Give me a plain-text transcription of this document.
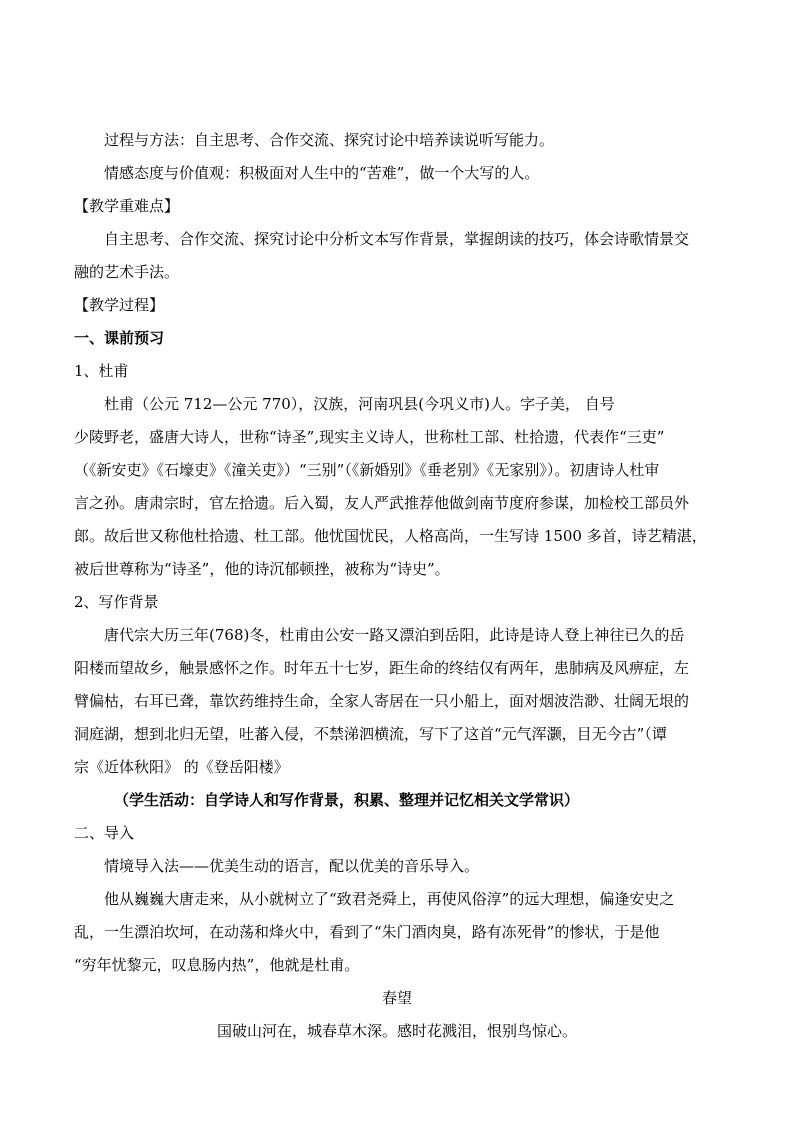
过程与方法：自主思考、合作交流、探究讨论中培养读说听写能力。
情感态度与价值观：积极面对人生中的“苦难”，做一个大写的人。
【教学重难点】
自主思考、合作交流、探究讨论中分析文本写作背景，掌握朗读的技巧，体会诗歌情景交
融的艺术手法。
【教学过程】
一、课前预习
1、杜甫
杜甫（公元 712—公元 770），汉族，河南巩县(今巩义市)人。字子美， 自号
少陵野老，盛唐大诗人，世称“诗圣”,现实主义诗人，世称杜工部、杜拾遗，代表作“三吏”
（《新安吏》《石壕吏》《潼关吏》）“三别”（《新婚别》《垂老别》《无家别》）。初唐诗人杜审
言之孙。唐肃宗时，官左拾遗。后入蜀，友人严武推荐他做剑南节度府参谋，加检校工部员外
郎。故后世又称他杜拾遗、杜工部。他忧国忧民，人格高尚，一生写诗 1500 多首，诗艺精湛，
被后世尊称为“诗圣”，他的诗沉郁顿挫，被称为“诗史”。
2、写作背景
唐代宗大历三年(768)冬，杜甫由公安一路又漂泊到岳阳，此诗是诗人登上神往已久的岳
阳楼而望故乡，触景感怀之作。时年五十七岁，距生命的终结仅有两年，患肺病及风痹症，左
臂偏枯，右耳已聋，靠饮药维持生命，全家人寄居在一只小船上，面对烟波浩渺、壮阔无垠的
洞庭湖，想到北归无望，吐蕃入侵，不禁涕泗横流，写下了这首“元气浑灏，目无今古”（谭
宗《近体秋阳》 的《登岳阳楼》
（学生活动：自学诗人和写作背景，积累、整理并记忆相关文学常识）
二、导入
情境导入法——优美生动的语言，配以优美的音乐导入。
他从巍巍大唐走来，从小就树立了“致君尧舜上，再使风俗淳”的远大理想，偏逢安史之
乱，一生漂泊坎坷，在动荡和烽火中，看到了“朱门酒肉臭，路有冻死骨”的惨状，于是他
“穷年忧黎元，叹息肠内热”，他就是杜甫。
春望
国破山河在，城春草木深。感时花溅泪，恨别鸟惊心。
